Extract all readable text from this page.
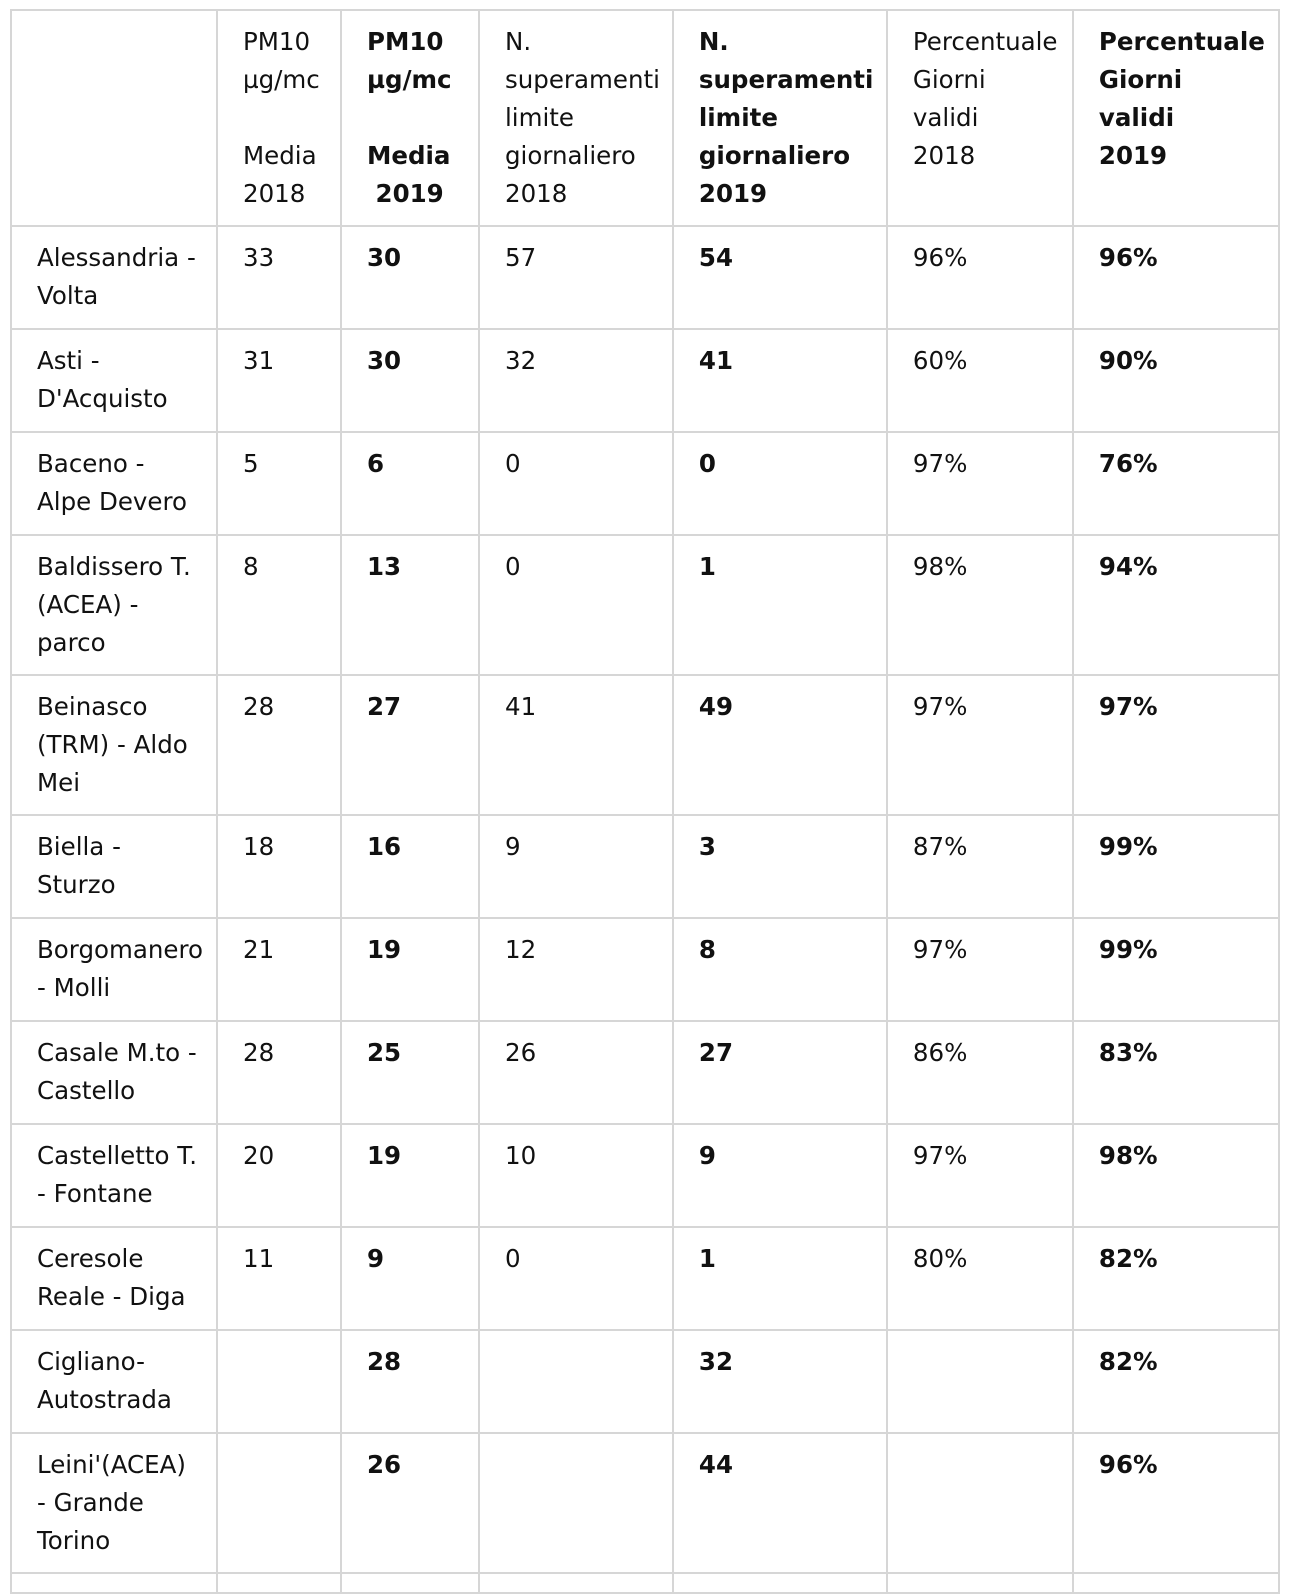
	PM10
µg/mc
Media
2018	PM10
µg/mc
Media
2019	N.
superamenti
limite
giornaliero
2018	N.
superamenti
limite
giornaliero
2019	Percentuale
Giorni
validi
2018	Percentuale
Giorni
validi
2019

Alessandria -
Volta	33	30	57	54	96%	96%

Asti -
D'Acquisto	31	30	32	41	60%	90%

Baceno -
Alpe Devero	5	6	0	0	97%	76%

Baldissero T.
(ACEA) -
parco	8	13	0	1	98%	94%

Beinasco
(TRM) - Aldo
Mei	28	27	41	49	97%	97%

Biella -
Sturzo	18	16	9	3	87%	99%

Borgomanero
- Molli	21	19	12	8	97%	99%

Casale M.to -
Castello	28	25	26	27	86%	83%

Castelletto T.
- Fontane	20	19	10	9	97%	98%

Ceresole
Reale - Diga	11	9	0	1	80%	82%

Cigliano-
Autostrada		28		32		82%

Leini'(ACEA)
- Grande
Torino		26		44		96%
